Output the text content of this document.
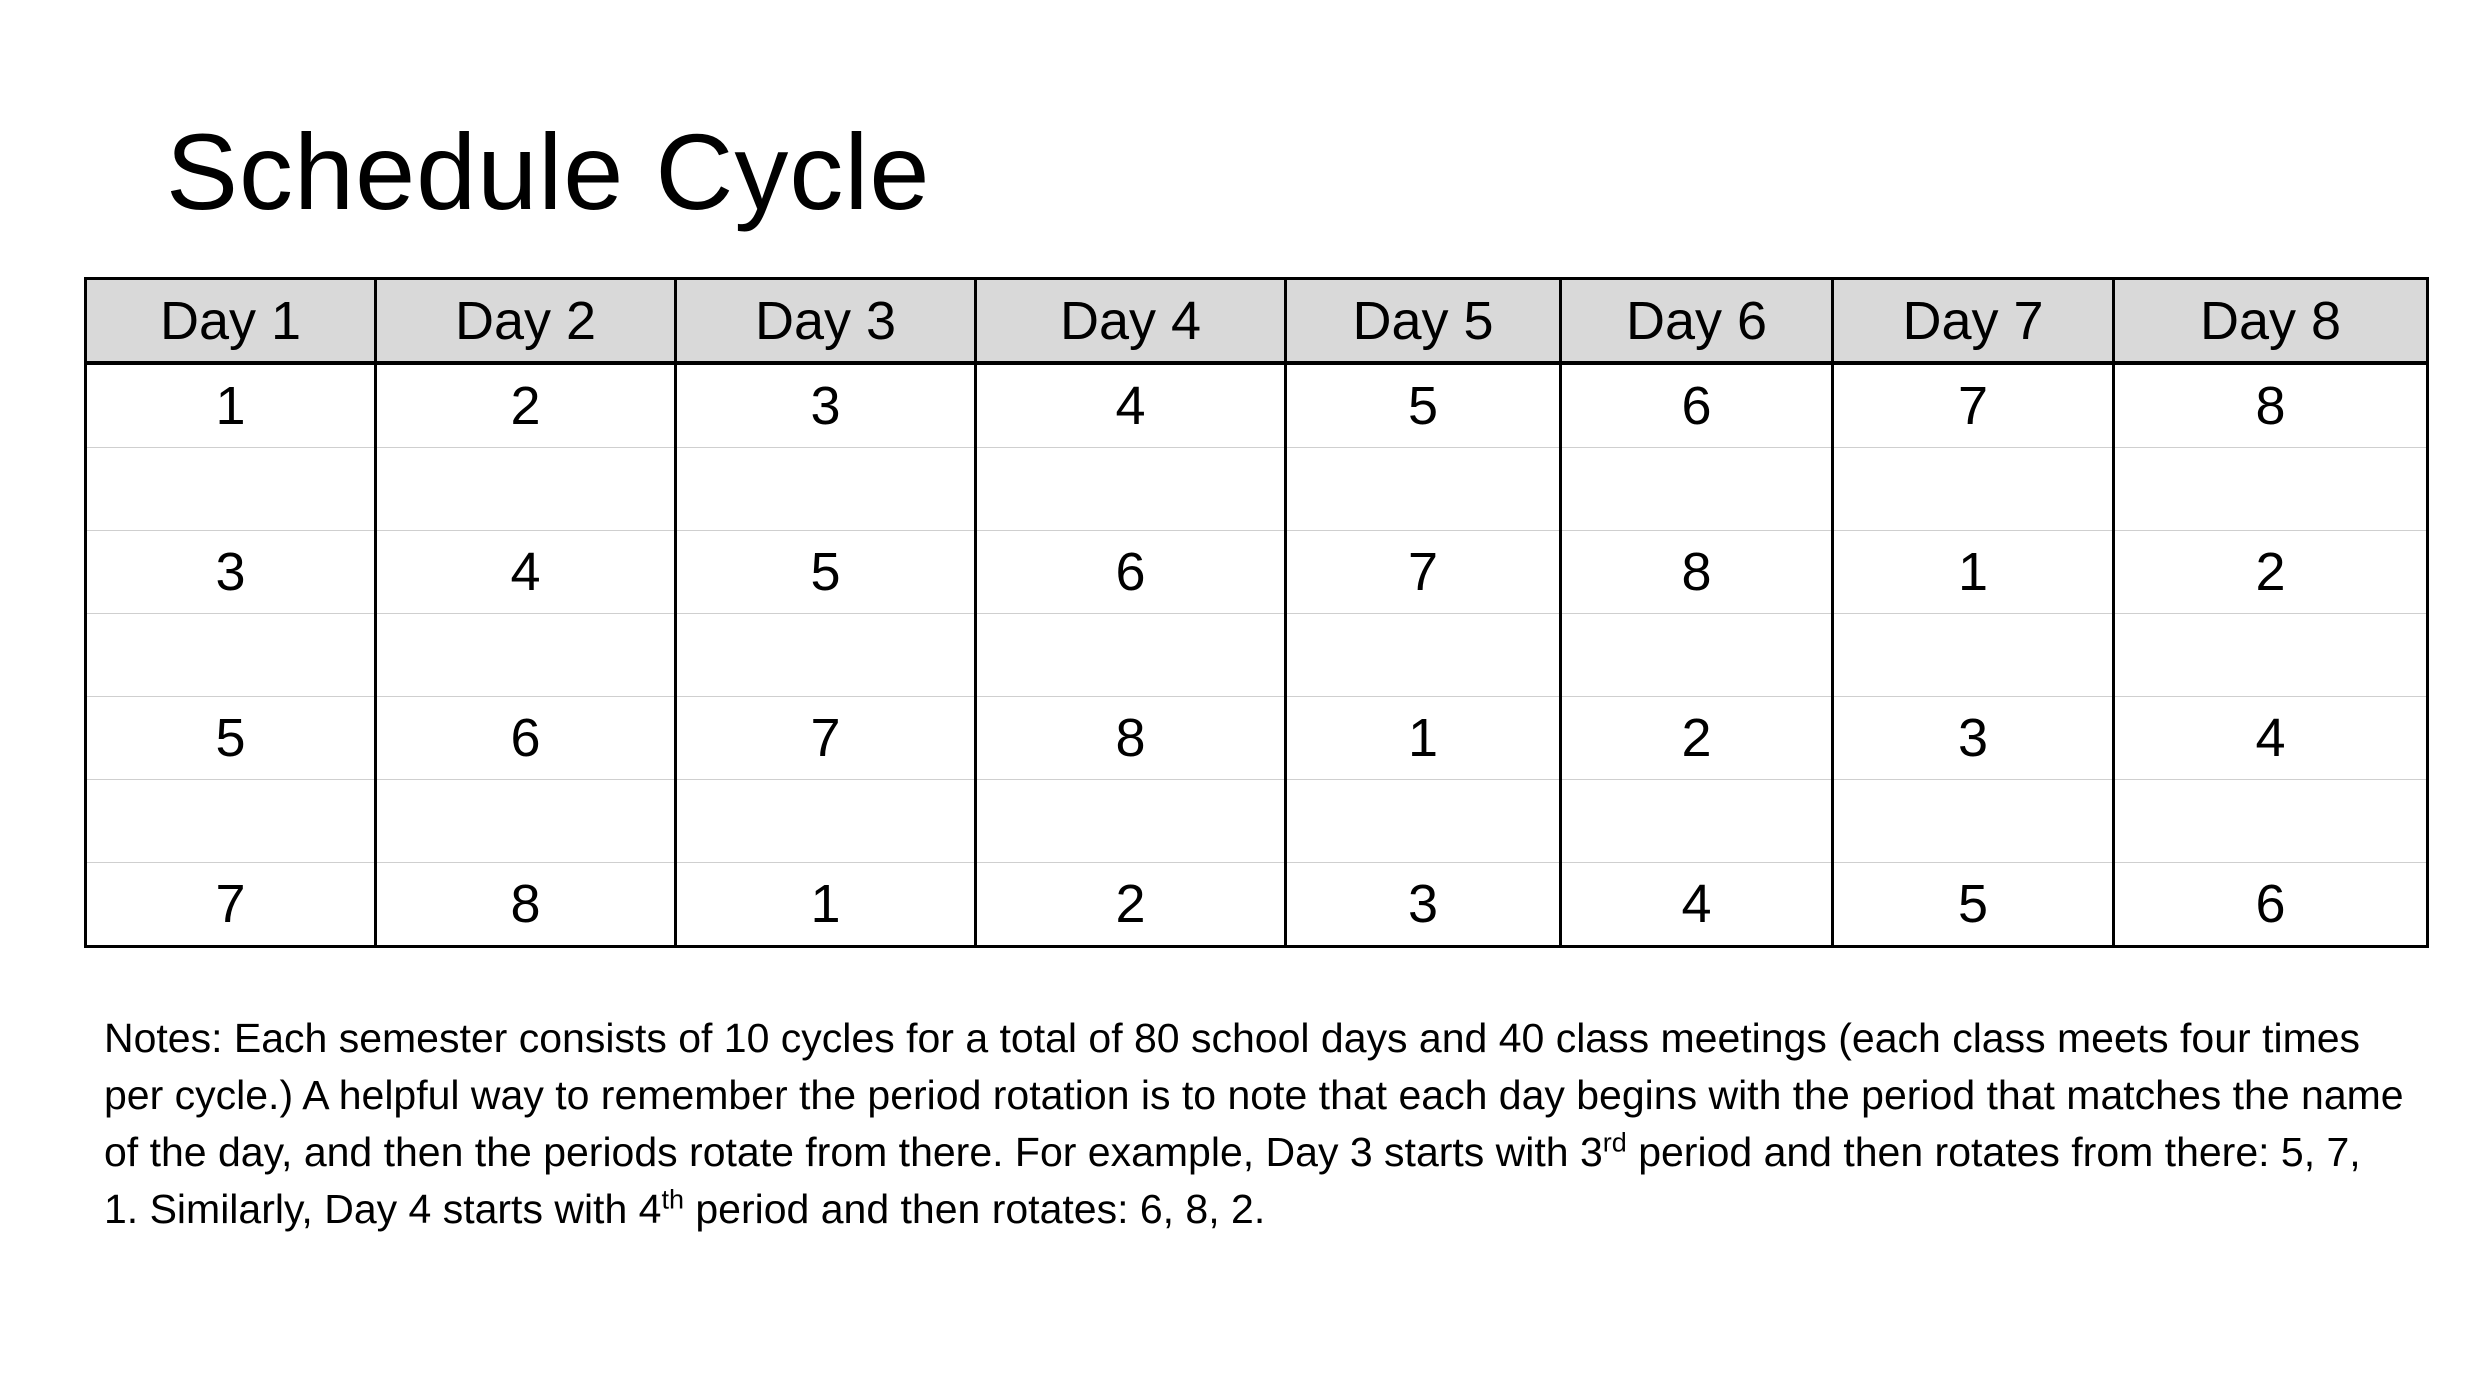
Schedule Cycle
Day 1	Day 2	Day 3	Day 4	Day 5	Day 6	Day 7	Day 8
1	2	3	4	5	6	7	8

3	4	5	6	7	8	1	2

5	6	7	8	1	2	3	4

7	8	1	2	3	4	5	6

Notes: Each semester consists of 10 cycles for a total of 80 school days and 40 class meetings (each class meets four times per cycle.) A helpful way to remember the period rotation is to note that each day begins with the period that matches the name of the day, and then the periods rotate from there. For example, Day 3 starts with 3rd period and then rotates from there: 5, 7, 1. Similarly, Day 4 starts with 4th period and then rotates: 6, 8, 2.
